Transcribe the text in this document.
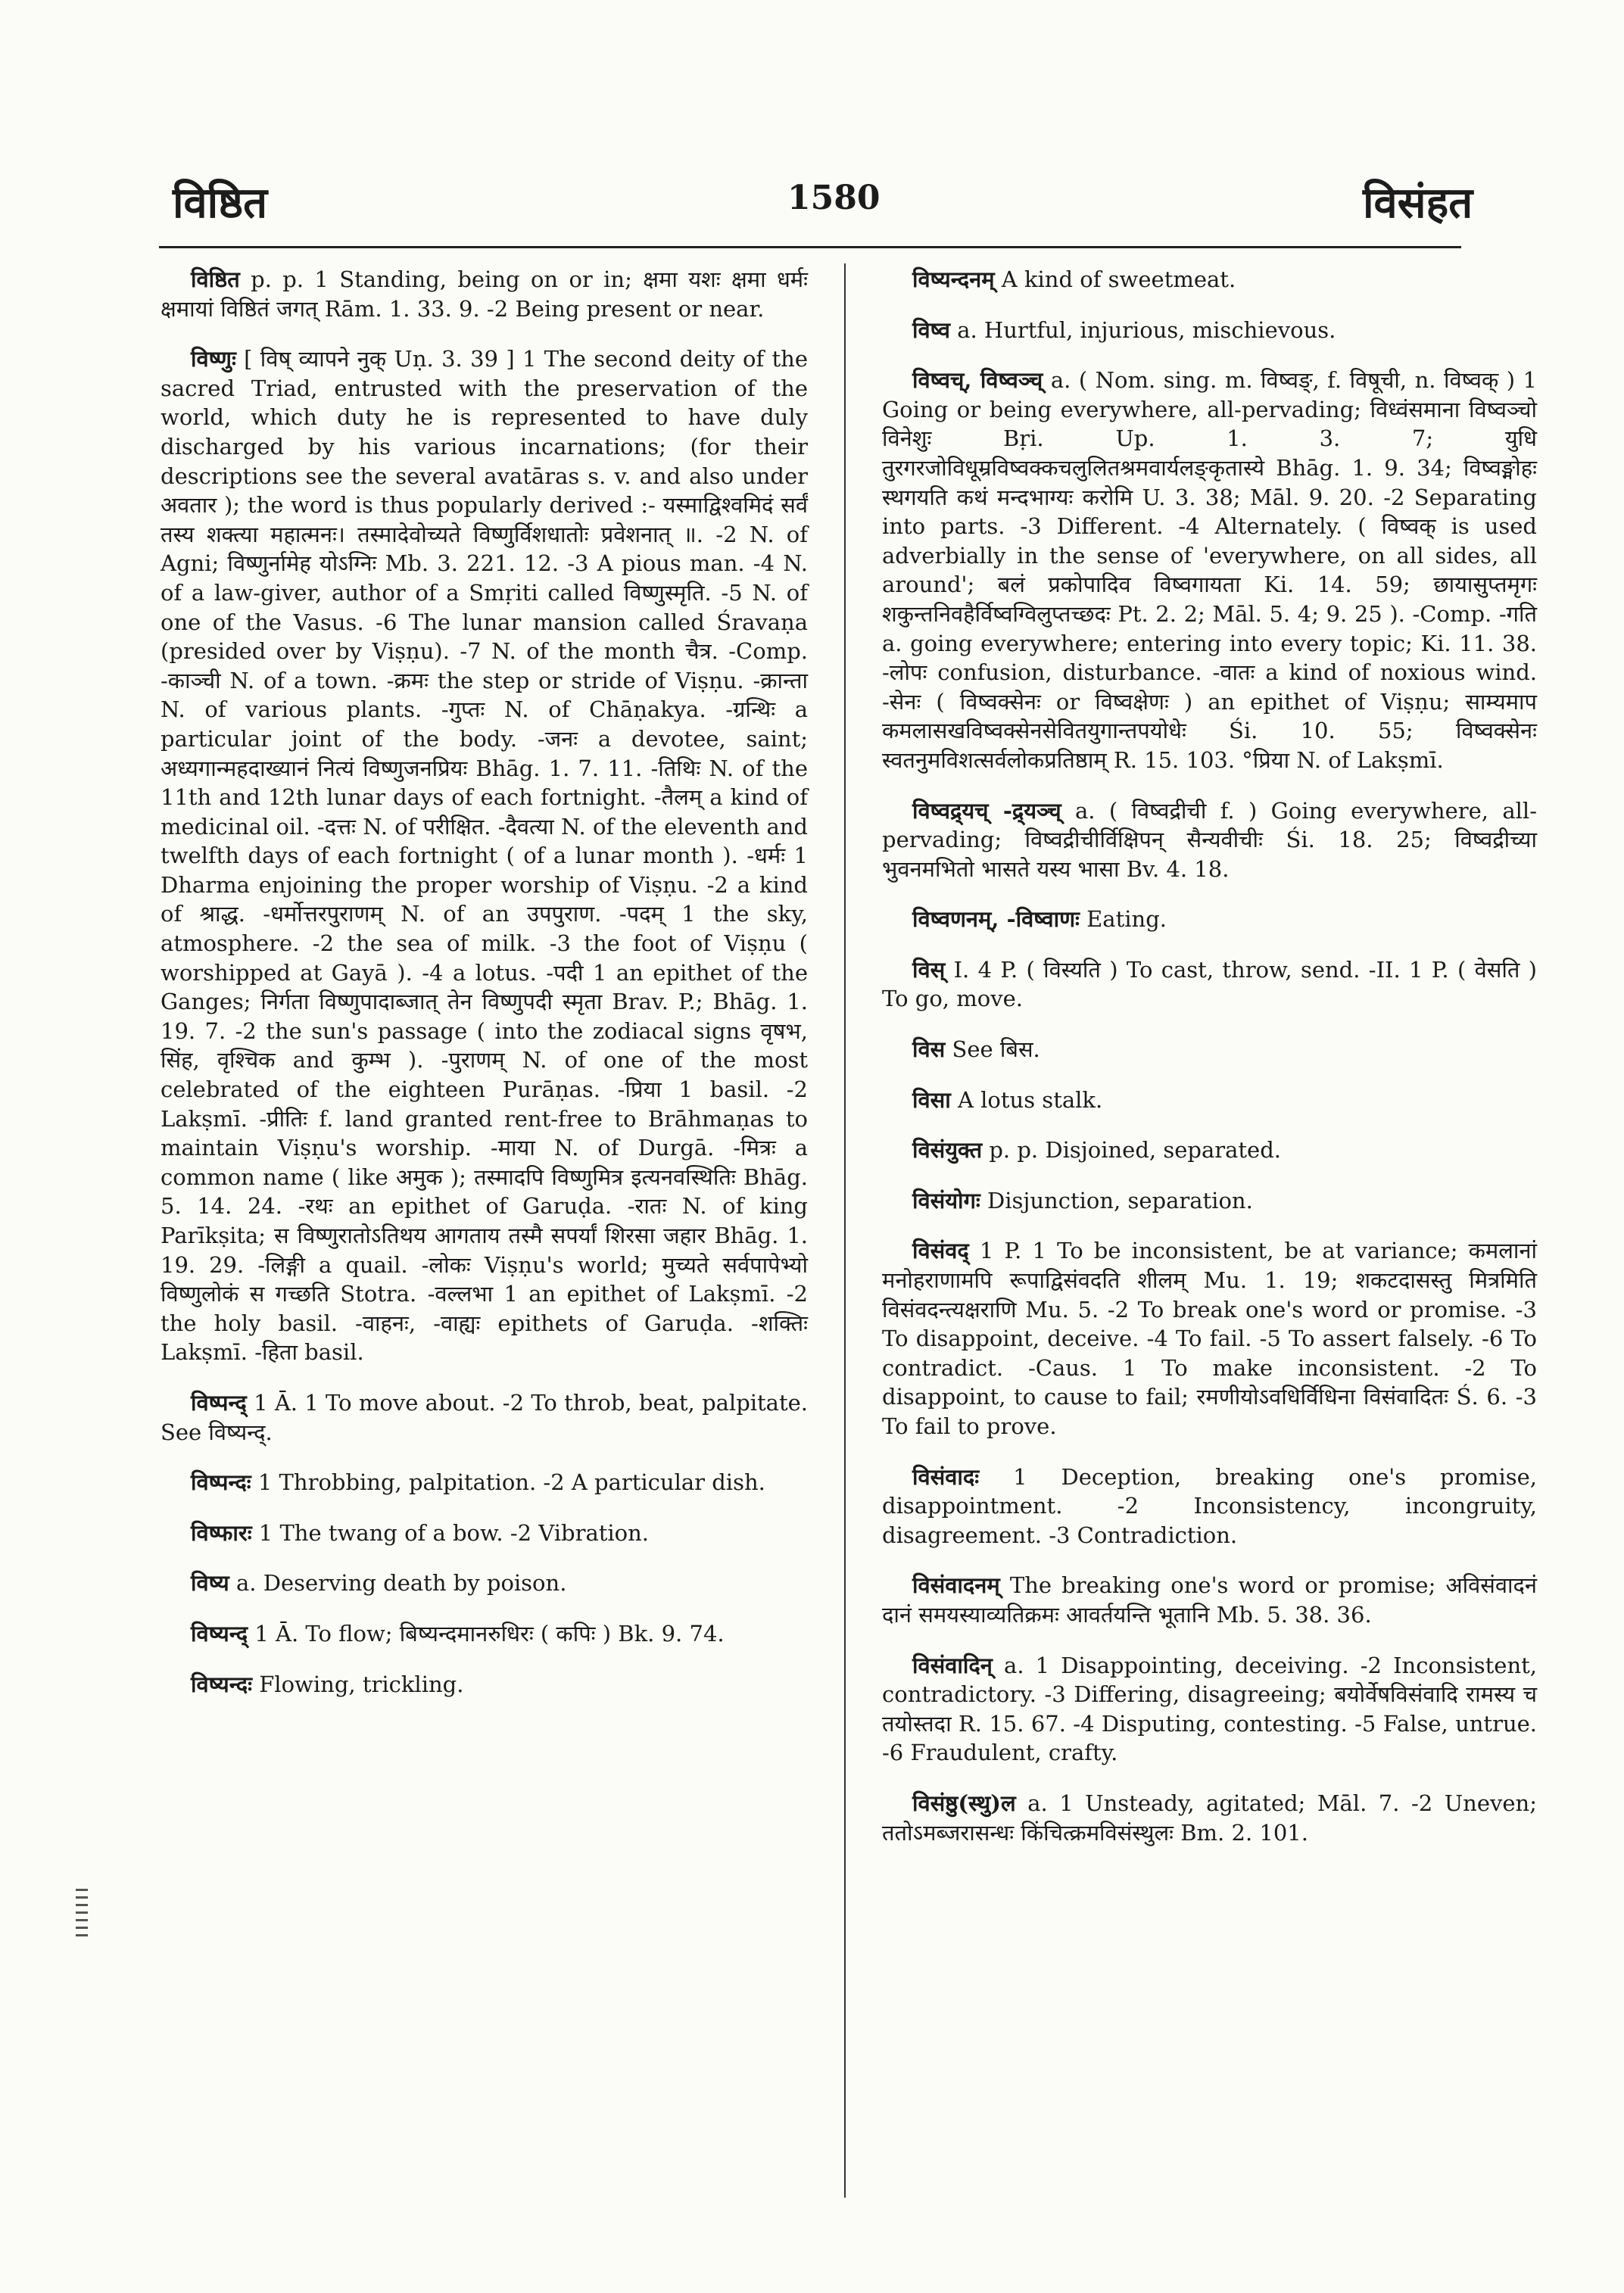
विष्ठित	1580	विसंहत

विष्ठित p. p. 1 Standing, being on or in; क्षमा यशः क्षमा धर्मः क्षमायां विष्ठितं जगत् Rām. 1. 33. 9. -2 Being present or near.

विष्णुः [ विष् व्यापने नुक् Uṇ. 3. 39 ] 1 The second deity of the sacred Triad, entrusted with the preservation of the world, which duty he is represented to have duly discharged by his various incarnations; (for their descriptions see the several avatāras s. v. and also under अवतार ); the word is thus popularly derived :- यस्माद्विश्वमिदं सर्वं तस्य शक्त्या महात्मनः। तस्मादेवोच्यते विष्णुर्विशधातोः प्रवेशनात् ॥. -2 N. of Agni; विष्णुर्नामेह योऽग्निः Mb. 3. 221. 12. -3 A pious man. -4 N. of a law-giver, author of a Smṛiti called विष्णुस्मृति. -5 N. of one of the Vasus. -6 The lunar mansion called Śravaṇa (presided over by Viṣṇu). -7 N. of the month चैत्र. -Comp. -काञ्ची N. of a town. -क्रमः the step or stride of Viṣṇu. -क्रान्ता N. of various plants. -गुप्तः N. of Chāṇakya. -ग्रन्थिः a particular joint of the body. -जनः a devotee, saint; अध्यगान्महदाख्यानं नित्यं विष्णुजनप्रियः Bhāg. 1. 7. 11. -तिथिः N. of the 11th and 12th lunar days of each fortnight. -तैलम् a kind of medicinal oil. -दत्तः N. of परीक्षित. -दैवत्या N. of the eleventh and twelfth days of each fortnight ( of a lunar month ). -धर्मः 1 Dharma enjoining the proper worship of Viṣṇu. -2 a kind of श्राद्ध. -धर्मोत्तरपुराणम् N. of an उपपुराण. -पदम् 1 the sky, atmosphere. -2 the sea of milk. -3 the foot of Viṣṇu ( worshipped at Gayā ). -4 a lotus. -पदी 1 an epithet of the Ganges; निर्गता विष्णुपादाब्जात् तेन विष्णुपदी स्मृता Brav. P.; Bhāg. 1. 19. 7. -2 the sun's passage ( into the zodiacal signs वृषभ, सिंह, वृश्चिक and कुम्भ ). -पुराणम् N. of one of the most celebrated of the eighteen Purāṇas. -प्रिया 1 basil. -2 Lakṣmī. -प्रीतिः f. land granted rent-free to Brāhmaṇas to maintain Viṣṇu's worship. -माया N. of Durgā. -मित्रः a common name ( like अमुक ); तस्मादपि विष्णुमित्र इत्यनवस्थितिः Bhāg. 5. 14. 24. -रथः an epithet of Garuḍa. -रातः N. of king Parīkṣita; स विष्णुरातोऽतिथय आगताय तस्मै सपर्यां शिरसा जहार Bhāg. 1. 19. 29. -लिङ्गी a quail. -लोकः Viṣṇu's world; मुच्यते सर्वपापेभ्यो विष्णुलोकं स गच्छति Stotra. -वल्लभा 1 an epithet of Lakṣmī. -2 the holy basil. -वाहनः, -वाह्यः epithets of Garuḍa. -शक्तिः Lakṣmī. -हिता basil.

विष्पन्द् 1 Ā. 1 To move about. -2 To throb, beat, palpitate. See विष्यन्द्.

विष्पन्दः 1 Throbbing, palpitation. -2 A particular dish.

विष्फारः 1 The twang of a bow. -2 Vibration.

विष्य a. Deserving death by poison.

विष्यन्द् 1 Ā. To flow; बिष्यन्दमानरुधिरः ( कपिः ) Bk. 9. 74.

विष्यन्दः Flowing, trickling.

विष्यन्दनम् A kind of sweetmeat.

विष्व a. Hurtful, injurious, mischievous.

विष्वच्, विष्वञ्च् a. ( Nom. sing. m. विष्वङ्, f. विषूची, n. विष्वक् ) 1 Going or being everywhere, all-pervading; विध्वंसमाना विष्वञ्चो विनेशुः Bṛi. Up. 1. 3. 7; युधि तुरगरजोविधूम्रविष्वक्कचलुलितश्रमवार्यलङ्कृतास्ये Bhāg. 1. 9. 34; विष्वङ्मोहः स्थगयति कथं मन्दभाग्यः करोमि U. 3. 38; Māl. 9. 20. -2 Separating into parts. -3 Different. -4 Alternately. ( विष्वक् is used adverbially in the sense of 'everywhere, on all sides, all around'; बलं प्रकोपादिव विष्वगायता Ki. 14. 59; छायासुप्तमृगः शकुन्तनिवहैर्विष्वग्विलुप्तच्छदः Pt. 2. 2; Māl. 5. 4; 9. 25 ). -Comp. -गति a. going everywhere; entering into every topic; Ki. 11. 38. -लोपः confusion, disturbance. -वातः a kind of noxious wind. -सेनः ( विष्वक्सेनः or विष्वक्षेणः ) an epithet of Viṣṇu; साम्यमाप कमलासखविष्वक्सेनसेवितयुगान्तपयोधेः Śi. 10. 55; विष्वक्सेनः स्वतनुमविशत्सर्वलोकप्रतिष्ठाम् R. 15. 103. °प्रिया N. of Lakṣmī.

विष्वद्र्यच् -द्र्यञ्च् a. ( विष्वद्रीची f. ) Going everywhere, all-pervading; विष्वद्रीचीर्विक्षिपन् सैन्यवीचीः Śi. 18. 25; विष्वद्रीच्या भुवनमभितो भासते यस्य भासा Bv. 4. 18.

विष्वणनम्, -विष्वाणः Eating.

विस् I. 4 P. ( विस्यति ) To cast, throw, send. -II. 1 P. ( वेसति ) To go, move.

विस See बिस.

विसा A lotus stalk.

विसंयुक्त p. p. Disjoined, separated.

विसंयोगः Disjunction, separation.

विसंवद् 1 P. 1 To be inconsistent, be at variance; कमलानां मनोहराणामपि रूपाद्विसंवदति शीलम् Mu. 1. 19; शकटदासस्तु मित्रमिति विसंवदन्त्यक्षराणि Mu. 5. -2 To break one's word or promise. -3 To disappoint, deceive. -4 To fail. -5 To assert falsely. -6 To contradict. -Caus. 1 To make inconsistent. -2 To disappoint, to cause to fail; रमणीयोऽवधिर्विधिना विसंवादितः Ś. 6. -3 To fail to prove.

विसंवादः 1 Deception, breaking one's promise, disappointment. -2 Inconsistency, incongruity, disagreement. -3 Contradiction.

विसंवादनम् The breaking one's word or promise; अविसंवादनं दानं समयस्याव्यतिक्रमः आवर्तयन्ति भूतानि Mb. 5. 38. 36.

विसंवादिन् a. 1 Disappointing, deceiving. -2 Inconsistent, contradictory. -3 Differing, disagreeing; बयोर्वेषविसंवादि रामस्य च तयोस्तदा R. 15. 67. -4 Disputing, contesting. -5 False, untrue. -6 Fraudulent, crafty.

विसंष्ठु(स्थु)ल a. 1 Unsteady, agitated; Māl. 7. -2 Uneven; ततोऽमब्जरासन्धः किंचित्क्रमविसंस्थुलः Bm. 2. 101.
